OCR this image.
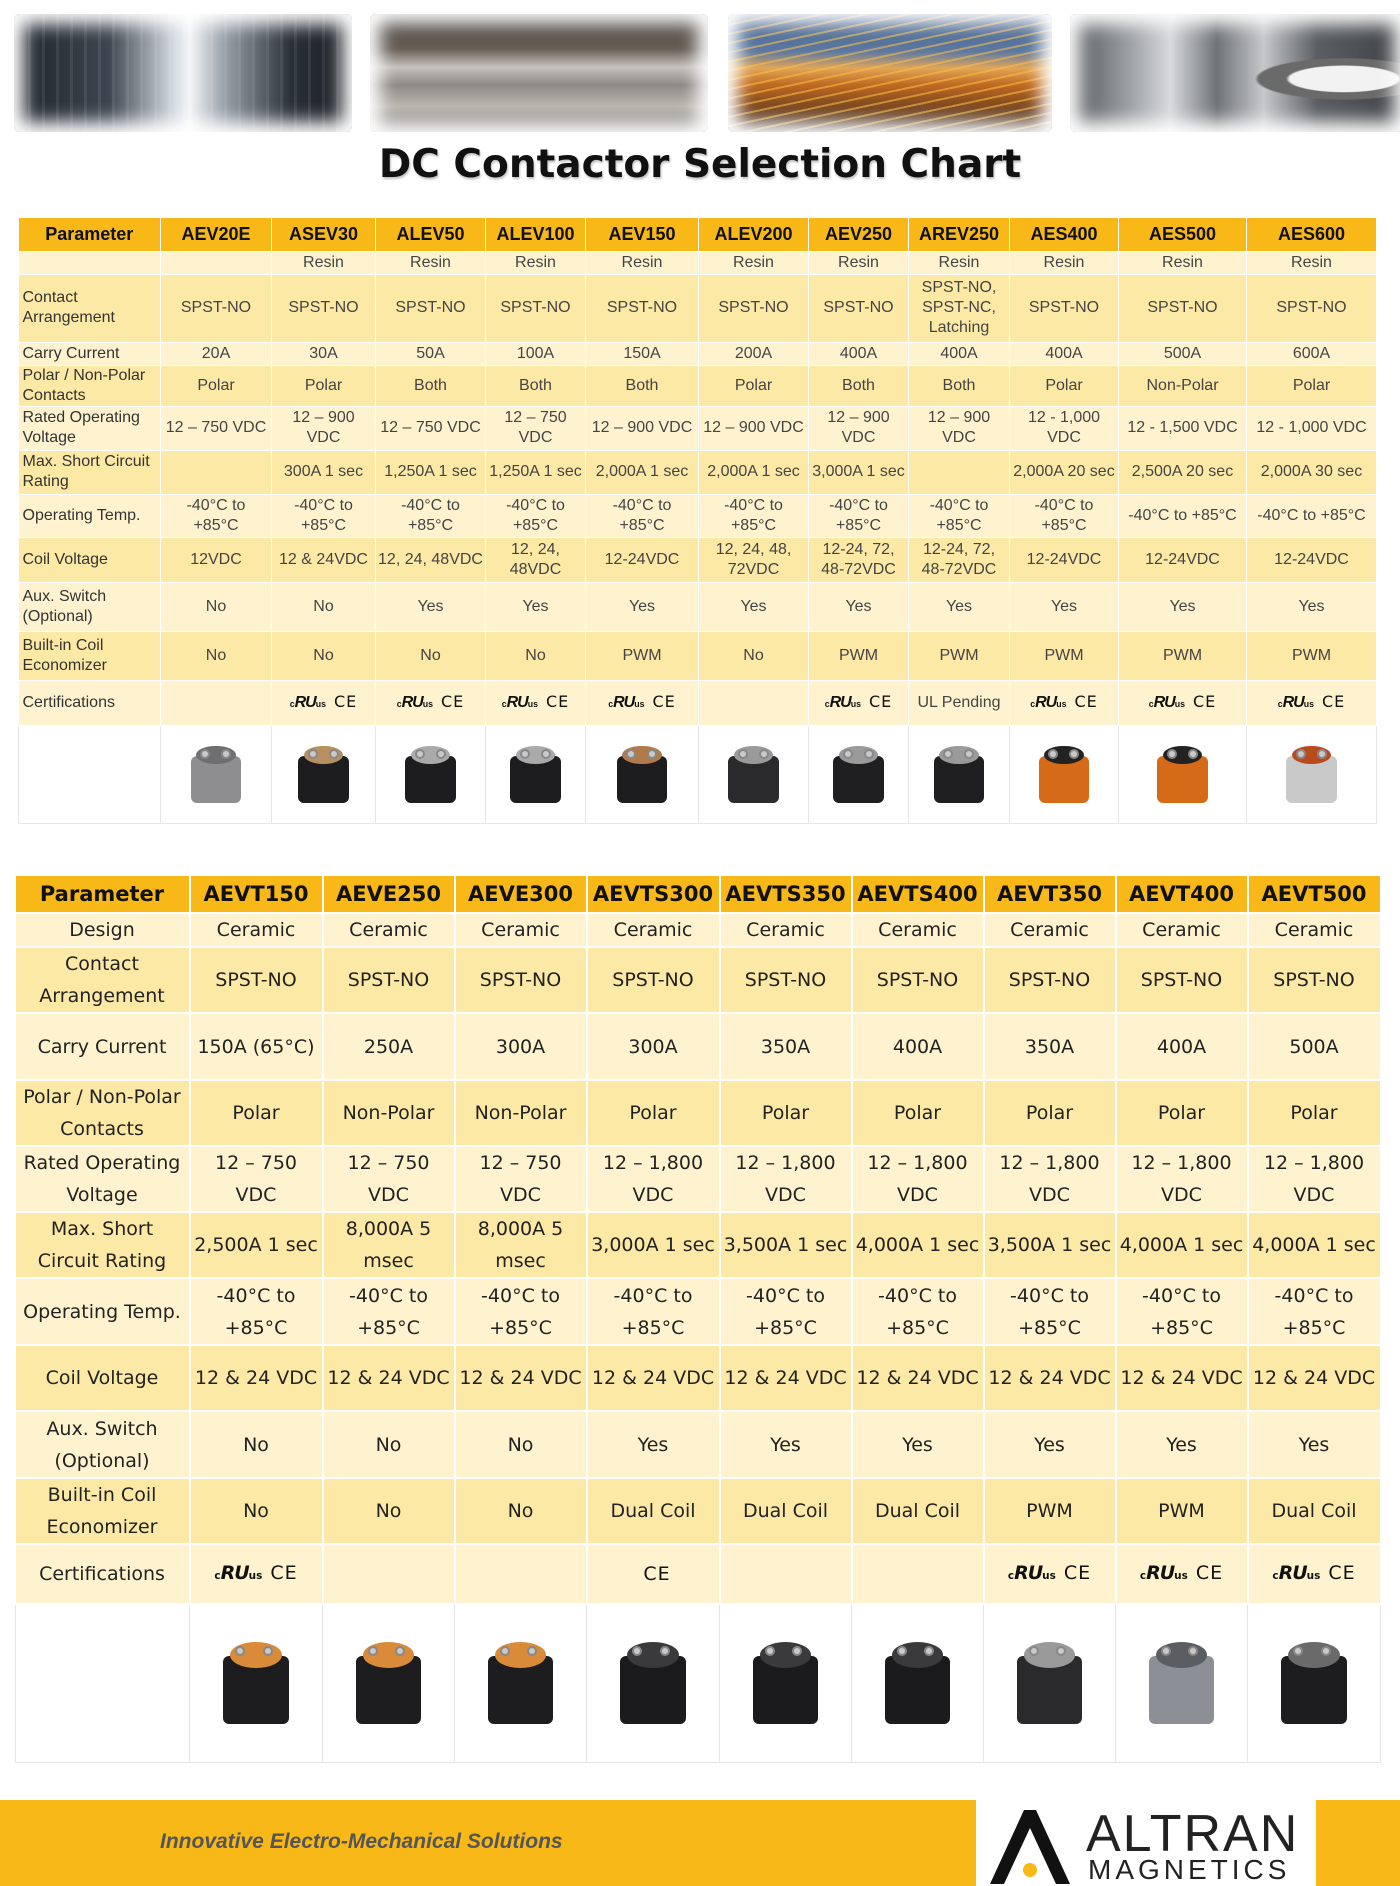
DC Contactor Selection Chart
Parameter	AEV20E	ASEV30	ALEV50	ALEV100	AEV150	ALEV200	AEV250	AREV250	AES400	AES500	AES600
		Resin	Resin	Resin	Resin	Resin	Resin	Resin	Resin	Resin	Resin
Contact Arrangement	SPST-NO	SPST-NO	SPST-NO	SPST-NO	SPST-NO	SPST-NO	SPST-NO	SPST-NO, SPST-NC, Latching	SPST-NO	SPST-NO	SPST-NO
Carry Current	20A	30A	50A	100A	150A	200A	400A	400A	400A	500A	600A
Polar / Non-Polar Contacts	Polar	Polar	Both	Both	Both	Polar	Both	Both	Polar	Non-Polar	Polar
Rated Operating Voltage	12 – 750 VDC	12 – 900 VDC	12 – 750 VDC	12 – 750 VDC	12 – 900 VDC	12 – 900 VDC	12 – 900 VDC	12 – 900 VDC	12 - 1,000 VDC	12 - 1,500 VDC	12 - 1,000 VDC
Max. Short Circuit Rating		300A 1 sec	1,250A 1 sec	1,250A 1 sec	2,000A 1 sec	2,000A 1 sec	3,000A 1 sec		2,000A 20 sec	2,500A 20 sec	2,000A 30 sec
Operating Temp.	-40°C to +85°C	-40°C to +85°C	-40°C to +85°C	-40°C to +85°C	-40°C to +85°C	-40°C to +85°C	-40°C to +85°C	-40°C to +85°C	-40°C to +85°C	-40°C to +85°C	-40°C to +85°C
Coil Voltage	12VDC	12 & 24VDC	12, 24, 48VDC	12, 24, 48VDC	12-24VDC	12, 24, 48, 72VDC	12-24, 72, 48-72VDC	12-24, 72, 48-72VDC	12-24VDC	12-24VDC	12-24VDC
Aux. Switch (Optional)	No	No	Yes	Yes	Yes	Yes	Yes	Yes	Yes	Yes	Yes
Built-in Coil Economizer	No	No	No	No	PWM	No	PWM	PWM	PWM	PWM	PWM
Certifications		cRUus CE	cRUus CE	cRUus CE	cRUus CE		cRUus CE	UL Pending	cRUus CE	cRUus CE	cRUus CE

Parameter	AEVT150	AEVE250	AEVE300	AEVTS300	AEVTS350	AEVTS400	AEVT350	AEVT400	AEVT500
Design	Ceramic	Ceramic	Ceramic	Ceramic	Ceramic	Ceramic	Ceramic	Ceramic	Ceramic
Contact Arrangement	SPST-NO	SPST-NO	SPST-NO	SPST-NO	SPST-NO	SPST-NO	SPST-NO	SPST-NO	SPST-NO
Carry Current	150A (65°C)	250A	300A	300A	350A	400A	350A	400A	500A
Polar / Non-Polar Contacts	Polar	Non-Polar	Non-Polar	Polar	Polar	Polar	Polar	Polar	Polar
Rated Operating Voltage	12 – 750 VDC	12 – 750 VDC	12 – 750 VDC	12 – 1,800 VDC	12 – 1,800 VDC	12 – 1,800 VDC	12 – 1,800 VDC	12 – 1,800 VDC	12 – 1,800 VDC
Max. Short Circuit Rating	2,500A 1 sec	8,000A 5 msec	8,000A 5 msec	3,000A 1 sec	3,500A 1 sec	4,000A 1 sec	3,500A 1 sec	4,000A 1 sec	4,000A 1 sec
Operating Temp.	-40°C to +85°C	-40°C to +85°C	-40°C to +85°C	-40°C to +85°C	-40°C to +85°C	-40°C to +85°C	-40°C to +85°C	-40°C to +85°C	-40°C to +85°C
Coil Voltage	12 & 24 VDC	12 & 24 VDC	12 & 24 VDC	12 & 24 VDC	12 & 24 VDC	12 & 24 VDC	12 & 24 VDC	12 & 24 VDC	12 & 24 VDC
Aux. Switch (Optional)	No	No	No	Yes	Yes	Yes	Yes	Yes	Yes
Built-in Coil Economizer	No	No	No	Dual Coil	Dual Coil	Dual Coil	PWM	PWM	Dual Coil
Certifications	cRUus CE			CE			cRUus CE	cRUus CE	cRUus CE

Innovative Electro-Mechanical Solutions	ALTRAN
MAGNETICS
